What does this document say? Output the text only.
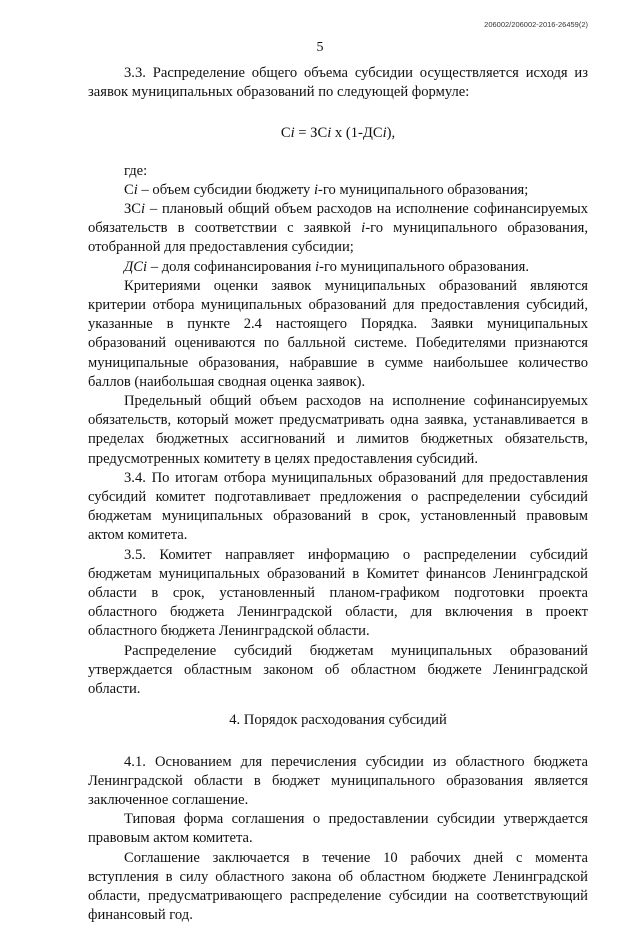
206002/206002-2016-26459(2)
5

3.3. Распределение общего объема субсидии осуществляется исходя из заявок муниципальных образований по следующей формуле:

Сi = ЗСi х (1-ДСi),

где:

Сi – объем субсидии бюджету i-го муниципального образования;

ЗСi – плановый общий объем расходов на исполнение софинансируемых обязательств в соответствии с заявкой i-го муниципального образования, отобранной для предоставления субсидии;

ДСi – доля софинансирования i-го муниципального образования.

Критериями оценки заявок муниципальных образований являются критерии отбора муниципальных образований для предоставления субсидий, указанные в пункте 2.4 настоящего Порядка. Заявки муниципальных образований оцениваются по балльной системе. Победителями признаются муниципальные образования, набравшие в сумме наибольшее количество баллов (наибольшая сводная оценка заявок).

Предельный общий объем расходов на исполнение софинансируемых обязательств, который может предусматривать одна заявка, устанавливается в пределах бюджетных ассигнований и лимитов бюджетных обязательств, предусмотренных комитету в целях предоставления субсидий.

3.4. По итогам отбора муниципальных образований для предоставления субсидий комитет подготавливает предложения о распределении субсидий бюджетам муниципальных образований в срок, установленный правовым актом комитета.

3.5. Комитет направляет информацию о распределении субсидий бюджетам муниципальных образований в Комитет финансов Ленинградской области в срок, установленный планом-графиком подготовки проекта областного бюджета Ленинградской области, для включения в проект областного бюджета Ленинградской области.

Распределение субсидий бюджетам муниципальных образований утверждается областным законом об областном бюджете Ленинградской области.

4. Порядок расходования субсидий

4.1. Основанием для перечисления субсидии из областного бюджета Ленинградской области в бюджет муниципального образования является заключенное соглашение.

Типовая форма соглашения о предоставлении субсидии утверждается правовым актом комитета.

Соглашение заключается в течение 10 рабочих дней с момента вступления в силу областного закона об областном бюджете Ленинградской области, предусматривающего распределение субсидии на соответствующий финансовый год.
